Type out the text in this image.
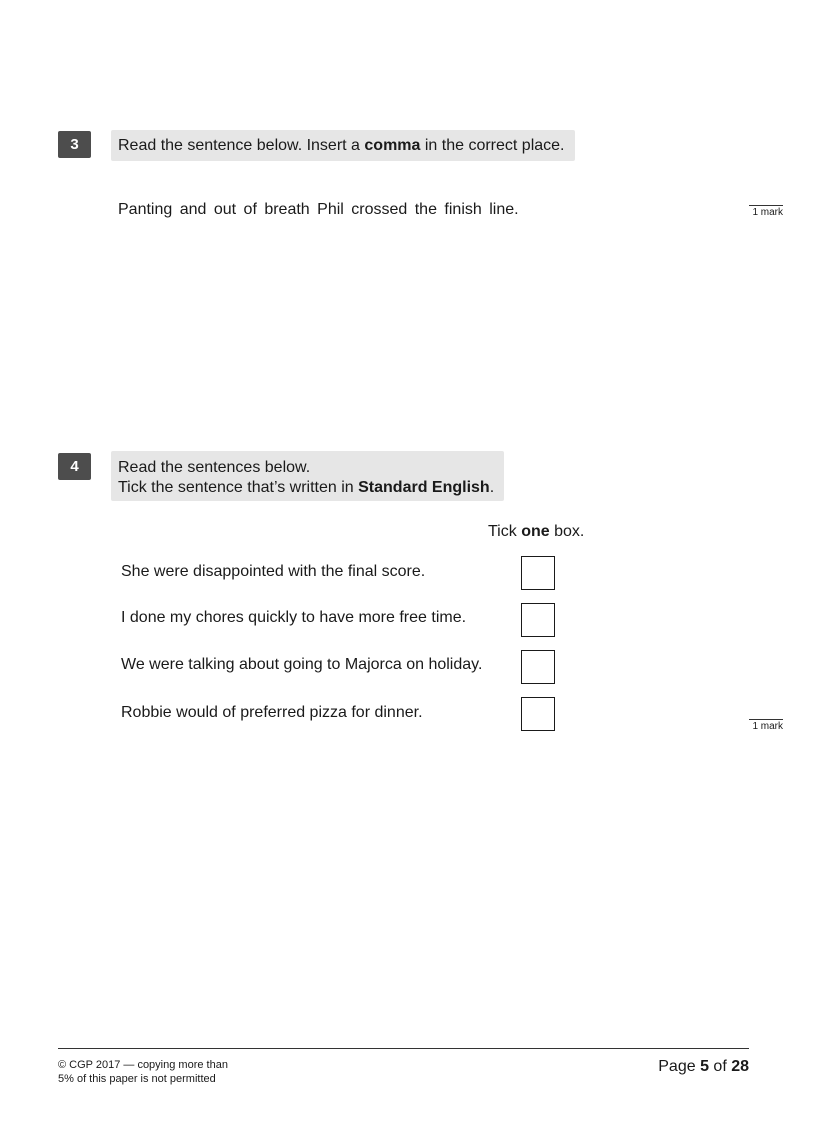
3	Read the sentence below. Insert a comma in the correct place.

Panting and out of breath Phil crossed the finish line.	1 mark
4	Read the sentences below.
Tick the sentence that’s written in Standard English.

Tick one box.

She were disappointed with the final score.

I done my chores quickly to have more free time.

We were talking about going to Majorca on holiday.

Robbie would of preferred pizza for dinner.

1 mark
© CGP 2017 — copying more than
5% of this paper is not permitted
Page 5 of 28
